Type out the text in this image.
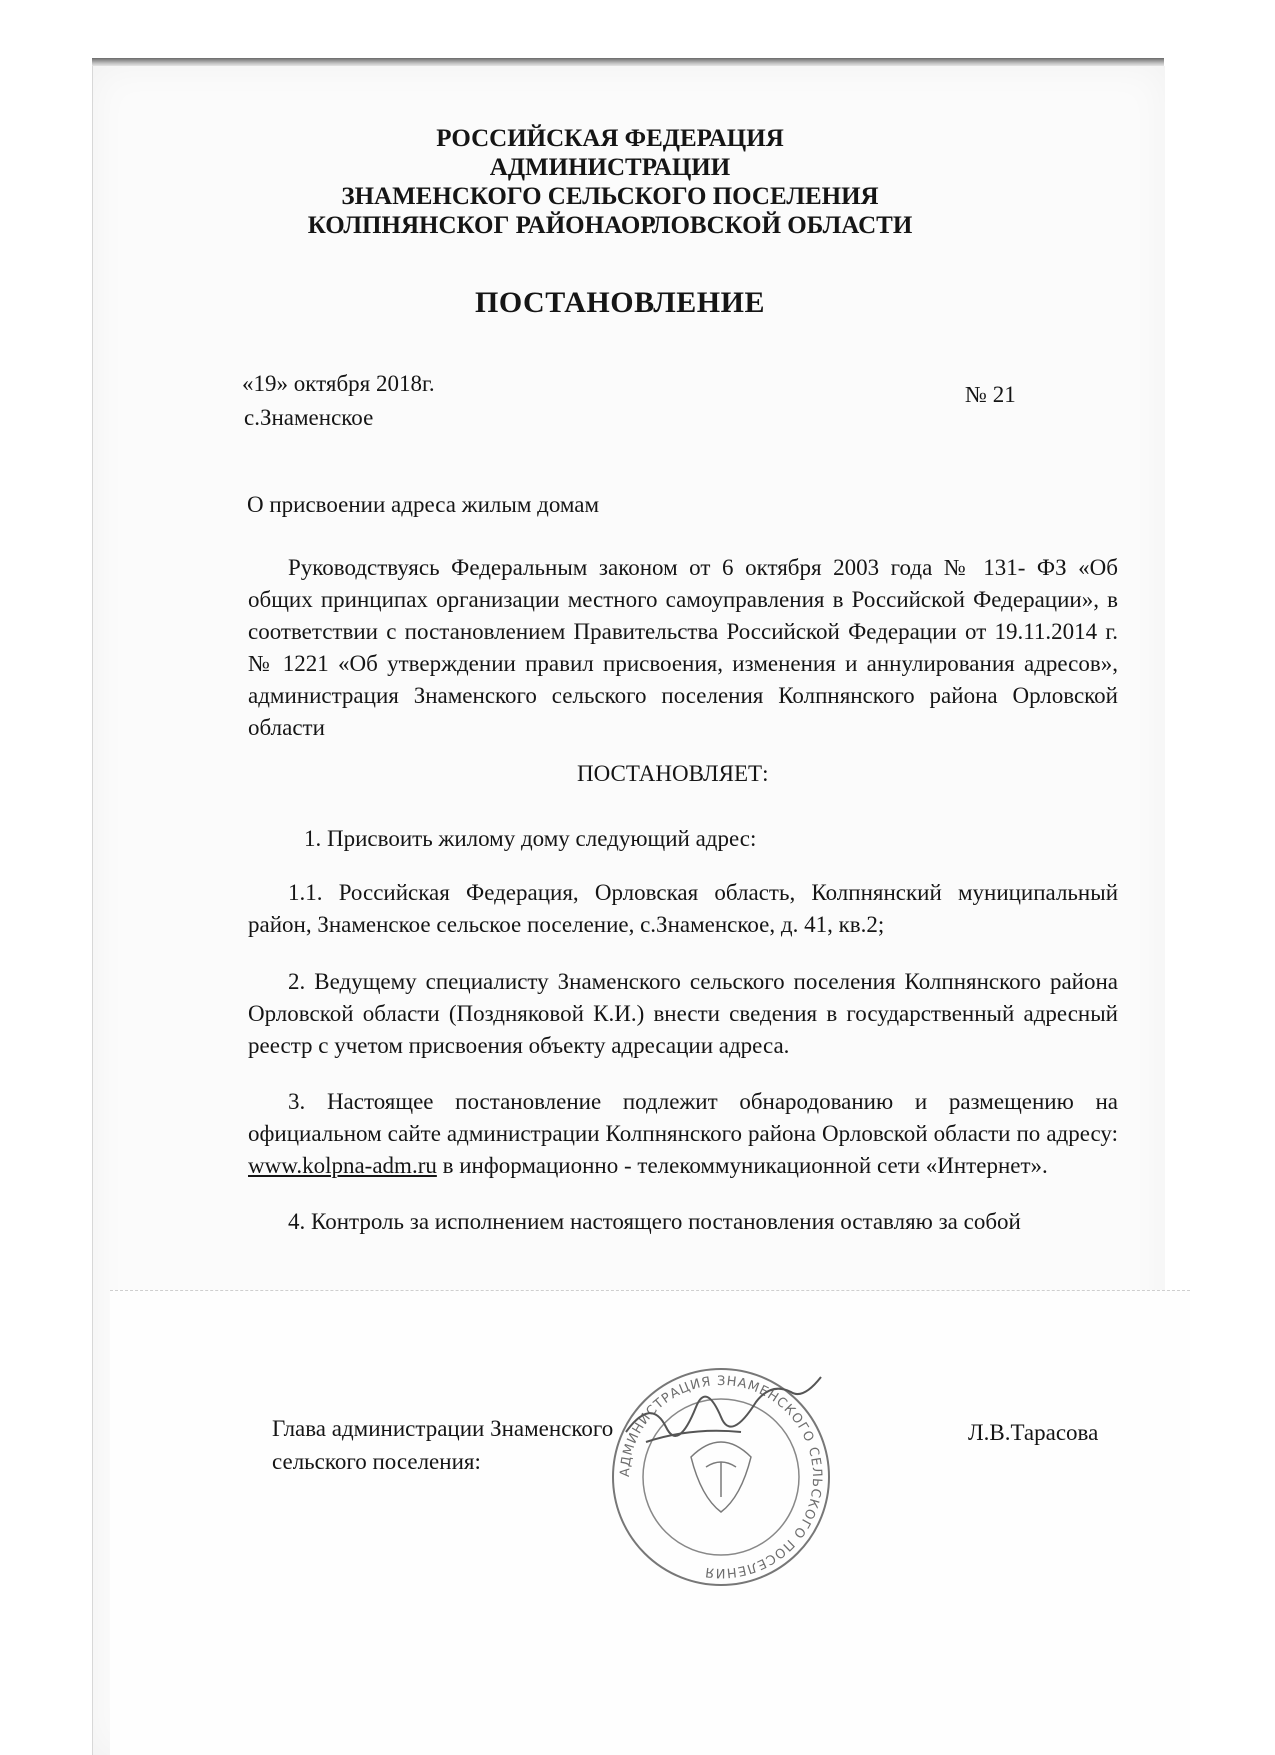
РОССИЙСКАЯ ФЕДЕРАЦИЯ
АДМИНИСТРАЦИИ
ЗНАМЕНСКОГО СЕЛЬСКОГО ПОСЕЛЕНИЯ
КОЛПНЯНСКОГ РАЙОНАОРЛОВСКОЙ ОБЛАСТИ
ПОСТАНОВЛЕНИЕ
«19» октября 2018г.	№ 21
с.Знаменское
О присвоении адреса жилым домам
Руководствуясь Федеральным законом от 6 октября 2003 года № 131- ФЗ «Об общих принципах организации местного самоуправления в Российской Федерации», в соответствии с постановлением Правительства Российской Федерации от 19.11.2014 г. № 1221 «Об утверждении правил присвоения, изменения и аннулирования адресов», администрация Знаменского сельского поселения Колпнянского района Орловской области
ПОСТАНОВЛЯЕТ:
1. Присвоить жилому дому следующий адрес:
1.1. Российская Федерация, Орловская область, Колпнянский муниципальный район, Знаменское сельское поселение, с.Знаменское, д. 41, кв.2;
2. Ведущему специалисту Знаменского сельского поселения Колпнянского района Орловской области (Поздняковой К.И.) внести сведения в государственный адресный реестр с учетом присвоения объекту адресации адреса.
3. Настоящее постановление подлежит обнародованию и размещению на официальном сайте администрации Колпнянского района Орловской области по адресу: www.kolpna-adm.ru в информационно - телекоммуникационной сети «Интернет».
4. Контроль за исполнением настоящего постановления оставляю за собой
Глава администрации Знаменского
сельского поселения:
Л.В.Тарасова
АДМИНИСТРАЦИЯ ЗНАМЕНСКОГО СЕЛЬСКОГО ПОСЕЛЕНИЯ
